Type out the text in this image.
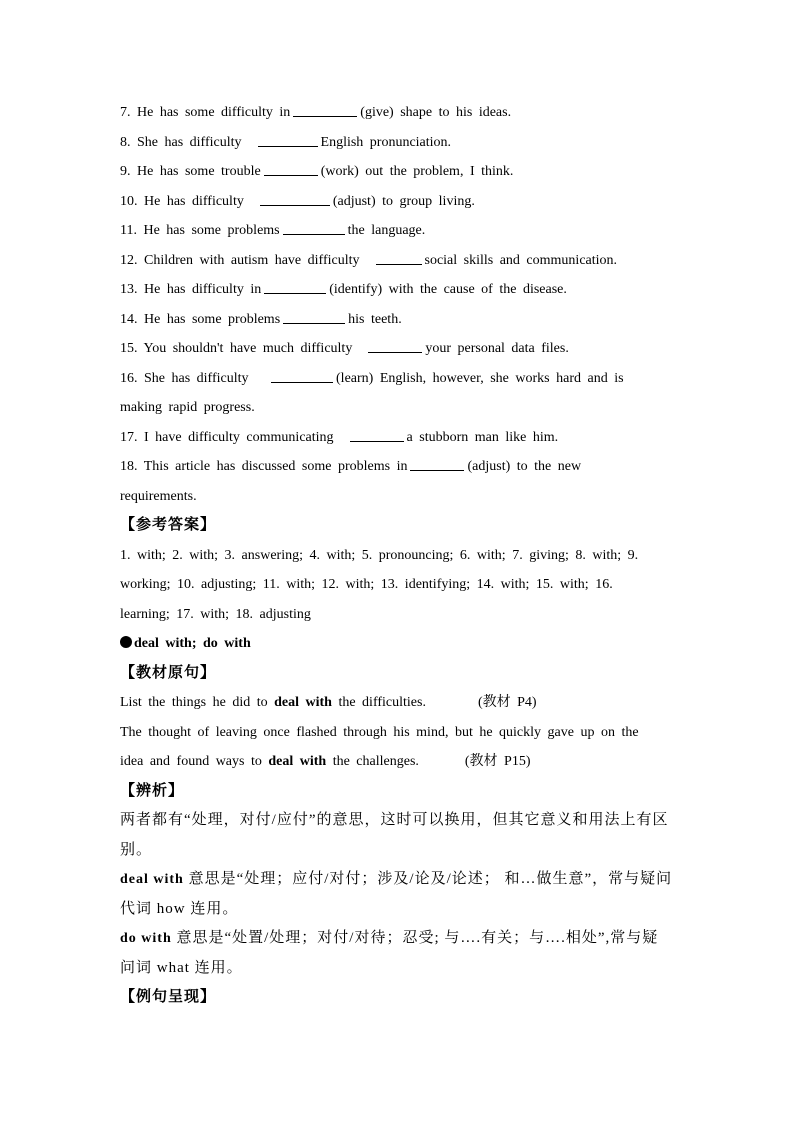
7. He has some difficulty in	(give) shape to his ideas.
8. She has difficulty	English pronunciation.
9. He has some trouble	(work) out the problem, I think.
10. He has difficulty	(adjust) to group living.
11. He has some problems	the language.
12. Children with autism have difficulty	social skills and communication.
13. He has difficulty in	(identify) with the cause of the disease.
14. He has some problems	his teeth.
15. You shouldn't have much difficulty	your personal data files.
16. She has difficulty	(learn) English, however, she works hard and is
making rapid progress.
17. I have difficulty communicating	a stubborn man like him.
18. This article has discussed some problems in	(adjust) to the new
requirements.
【参考答案】
1. with; 2. with; 3. answering; 4. with; 5. pronouncing; 6. with; 7. giving; 8. with; 9.
working; 10. adjusting; 11. with; 12. with; 13. identifying; 14. with; 15. with; 16.
learning; 17. with; 18. adjusting
deal with; do with
【教材原句】
List the things he did to deal with the difficulties.	(教材 P4)
The thought of leaving once flashed through his mind, but he quickly gave up on the
idea and found ways to deal with the challenges.	(教材 P15)
【辨析】
两者都有“处理，对付/应付”的意思，这时可以换用，但其它意义和用法上有区别。
deal with 意思是“处理；应付/对付；涉及/论及/论述； 和…做生意”，常与疑问代词 how 连用。
do with 意思是“处置/处理；对付/对待；忍受; 与….有关；与….相处”,常与疑问词 what 连用。
【例句呈现】
